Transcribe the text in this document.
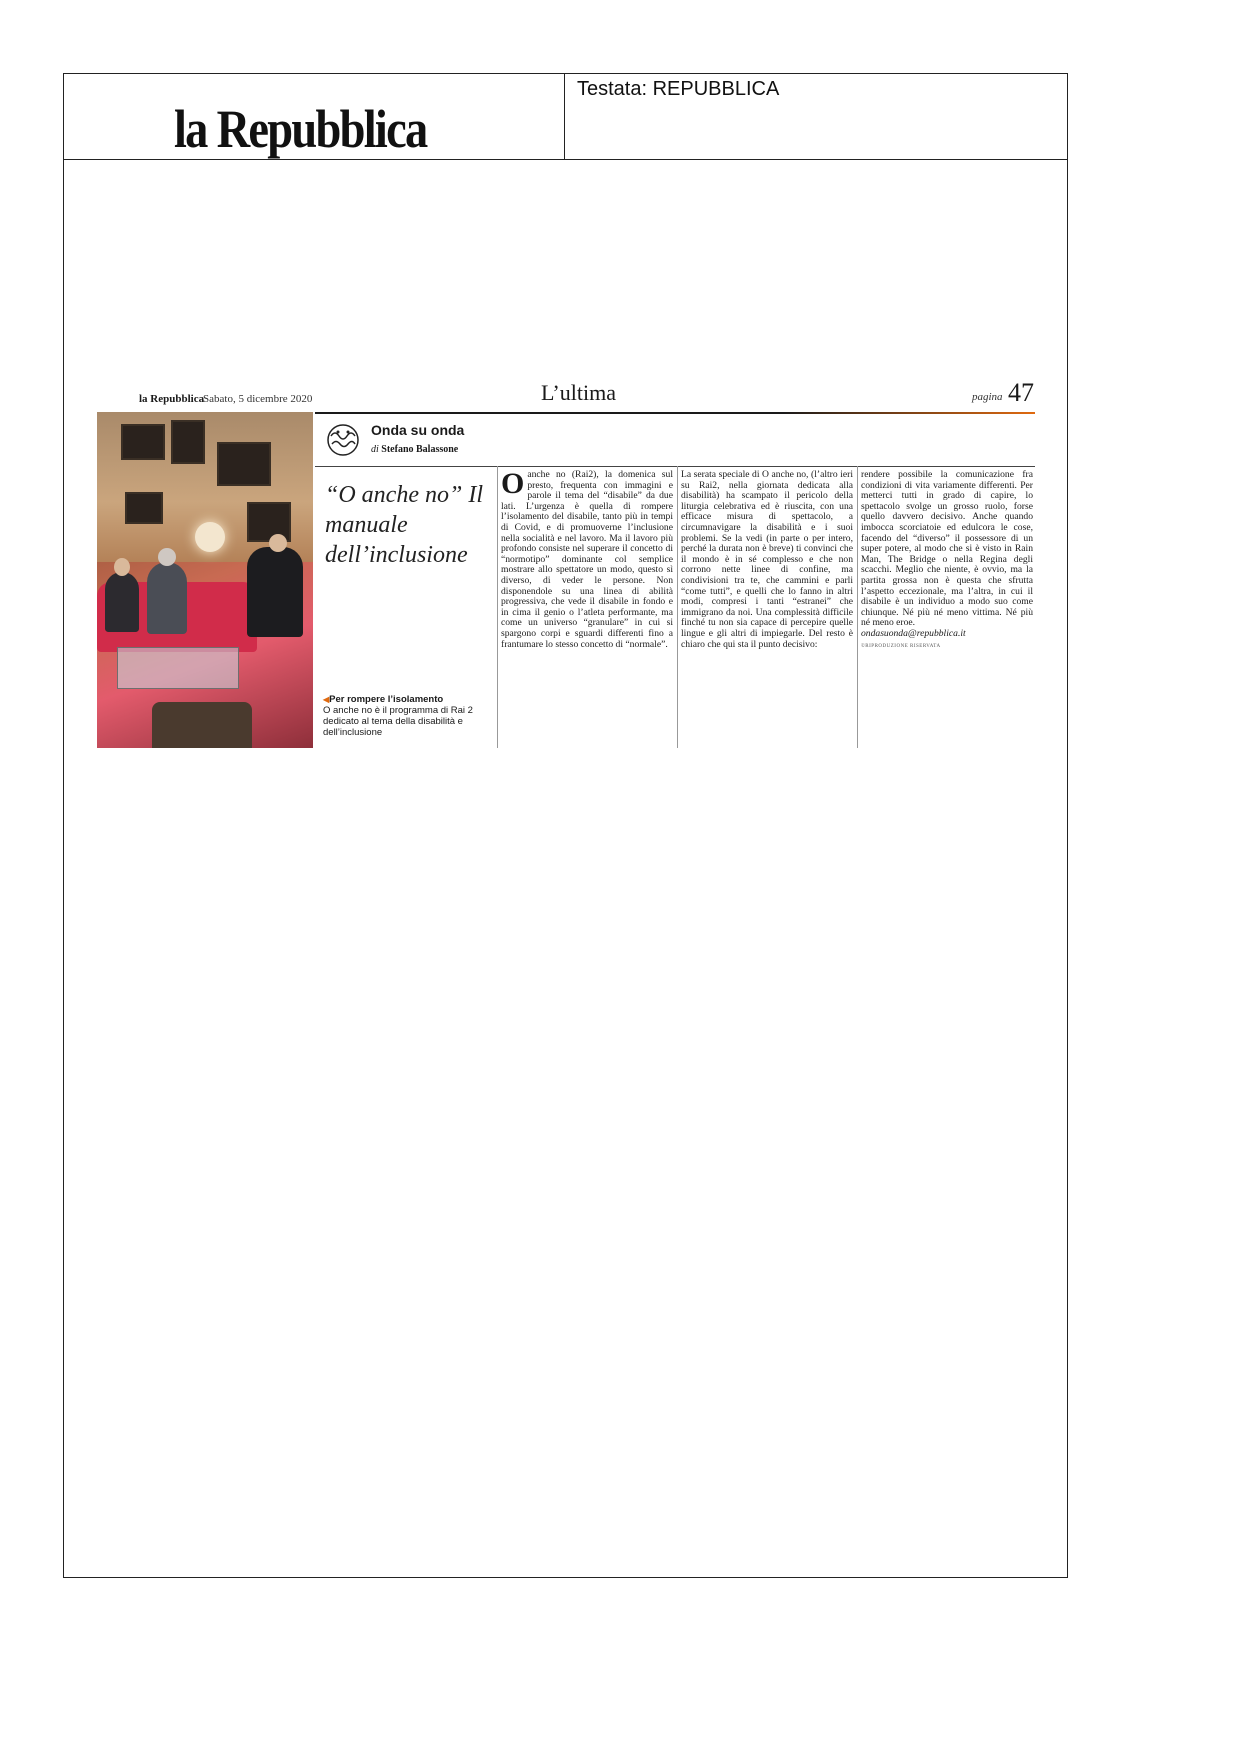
la Repubblica
Testata: REPUBBLICA
la Repubblica
Sabato, 5 dicembre 2020	L’ultima	pagina 47
Onda su onda
di Stefano Balassone
“O anche no” Il manuale dell’inclusione
◀ Per rompere l’isolamento
O anche no è il programma di Rai 2 dedicato al tema della disabilità e dell’inclusione
O anche no (Rai2), la domenica sul presto, frequenta con immagini e parole il tema del “disabile” da due lati. L’urgenza è quella di rompere l’isolamento del disabile, tanto più in tempi di Covid, e di promuoverne l’inclusione nella socialità e nel lavoro. Ma il lavoro più profondo consiste nel superare il concetto di “normotipo” dominante col semplice mostrare allo spettatore un modo, questo sì diverso, di veder le persone. Non disponendole su una linea di abilità progressiva, che vede il disabile in fondo e in cima il genio o l’atleta performante, ma come un universo “granulare” in cui si spargono corpi e sguardi differenti fino a frantumare lo stesso concetto di “normale”.
La serata speciale di O anche no, (l’altro ieri su Rai2, nella giornata dedicata alla disabilità) ha scampato il pericolo della liturgia celebrativa ed è riuscita, con una efficace misura di spettacolo, a circumnavigare la disabilità e i suoi problemi. Se la vedi (in parte o per intero, perché la durata non è breve) ti convinci che il mondo è in sé complesso e che non corrono nette linee di confine, ma condivisioni tra te, che cammini e parli “come tutti”, e quelli che lo fanno in altri modi, compresi i tanti “estranei” che immigrano da noi. Una complessità difficile finché tu non sia capace di percepire quelle lingue e gli altri di impiegarle. Del resto è chiaro che qui sta il punto decisivo:
rendere possibile la comunicazione fra condizioni di vita variamente differenti. Per metterci tutti in grado di capire, lo spettacolo svolge un grosso ruolo, forse quello davvero decisivo. Anche quando imbocca scorciatoie ed edulcora le cose, facendo del “diverso” il possessore di un super potere, al modo che si è visto in Rain Man, The Bridge o nella Regina degli scacchi. Meglio che niente, è ovvio, ma la partita grossa non è questa che sfrutta l’aspetto eccezionale, ma l’altra, in cui il disabile è un individuo a modo suo come chiunque. Né più né meno vittima. Né più né meno eroe.
ondasuonda@repubblica.it
©RIPRODUZIONE RISERVATA
